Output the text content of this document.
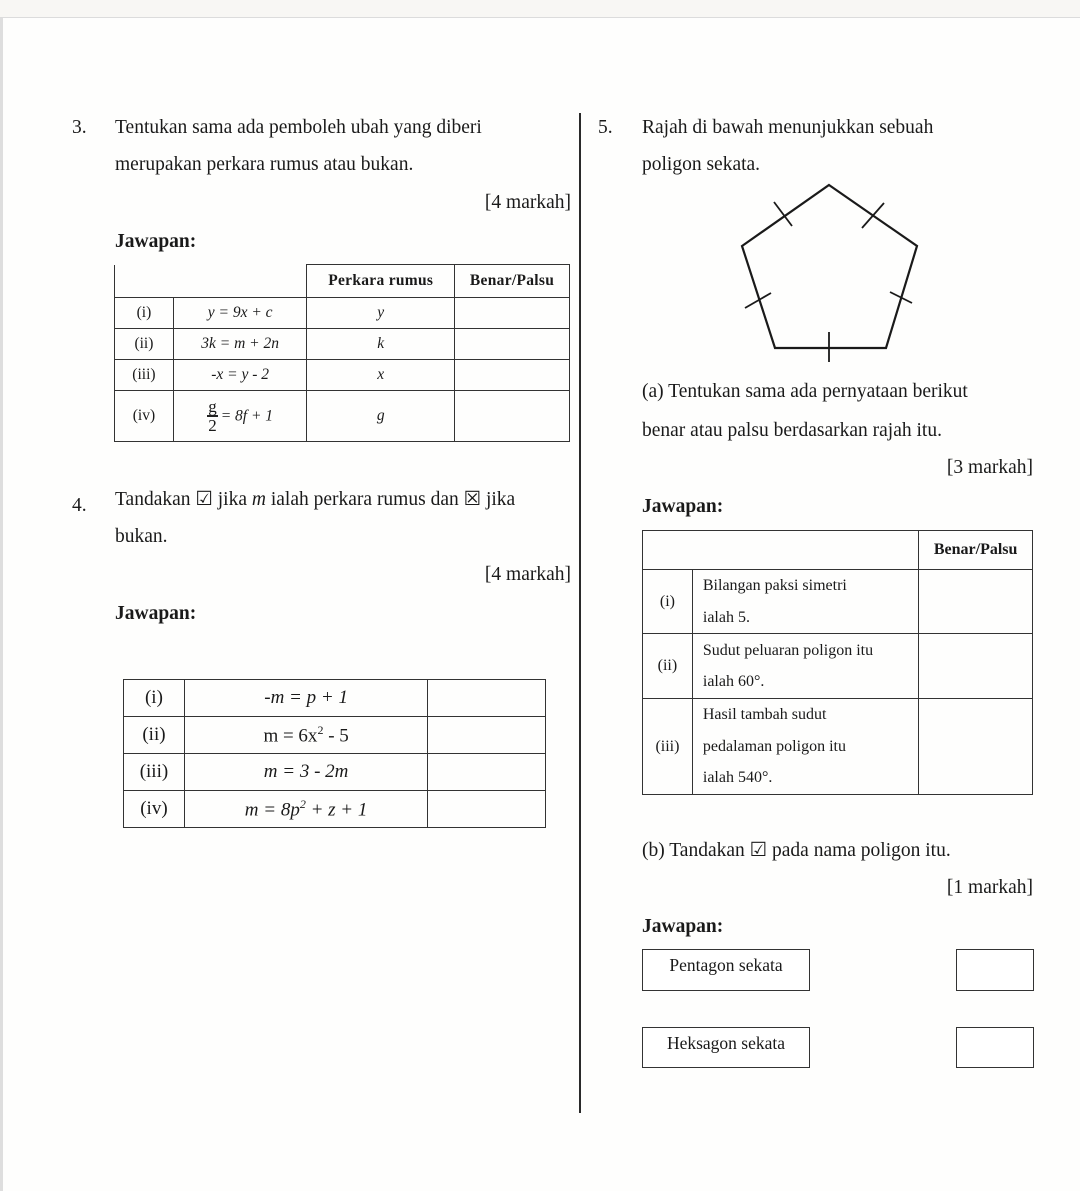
3. Tentukan sama ada pemboleh ubah yang diberi
merupakan perkara rumus atau bukan.
[4 markah]
Jawapan:
		Perkara rumus	Benar/Palsu
(i)	y = 9x + c	y	
(ii)	3k = m + 2n	k	
(iii)	-x = y - 2	x	
(iv)	$\frac{g}{2} = 8f + 1$	g	
4. Tandakan ☑ jika m ialah perkara rumus dan ☒ jika
bukan.
[4 markah]
Jawapan:
(i)	-m = p + 1	
(ii)	$m = 6x^2 - 5$	
(iii)	m = 3 - 2m	
(iv)	$m = 8p^2 + z + 1$	
5. Rajah di bawah menunjukkan sebuah
poligon sekata.
(a) Tentukan sama ada pernyataan berikut
benar atau palsu berdasarkan rajah itu.
[3 markah]
Jawapan:
		Benar/Palsu
(i)	Bilangan paksi simetri
ialah 5.	

(ii)	Sudut peluaran poligon itu
ialah 60°.	

(iii)	Hasil tambah sudut
pedalaman poligon itu
ialah 540°.	

(b) Tandakan ☑ pada nama poligon itu.
[1 markah]
Jawapan:
Pentagon sekata
Heksagon sekata
